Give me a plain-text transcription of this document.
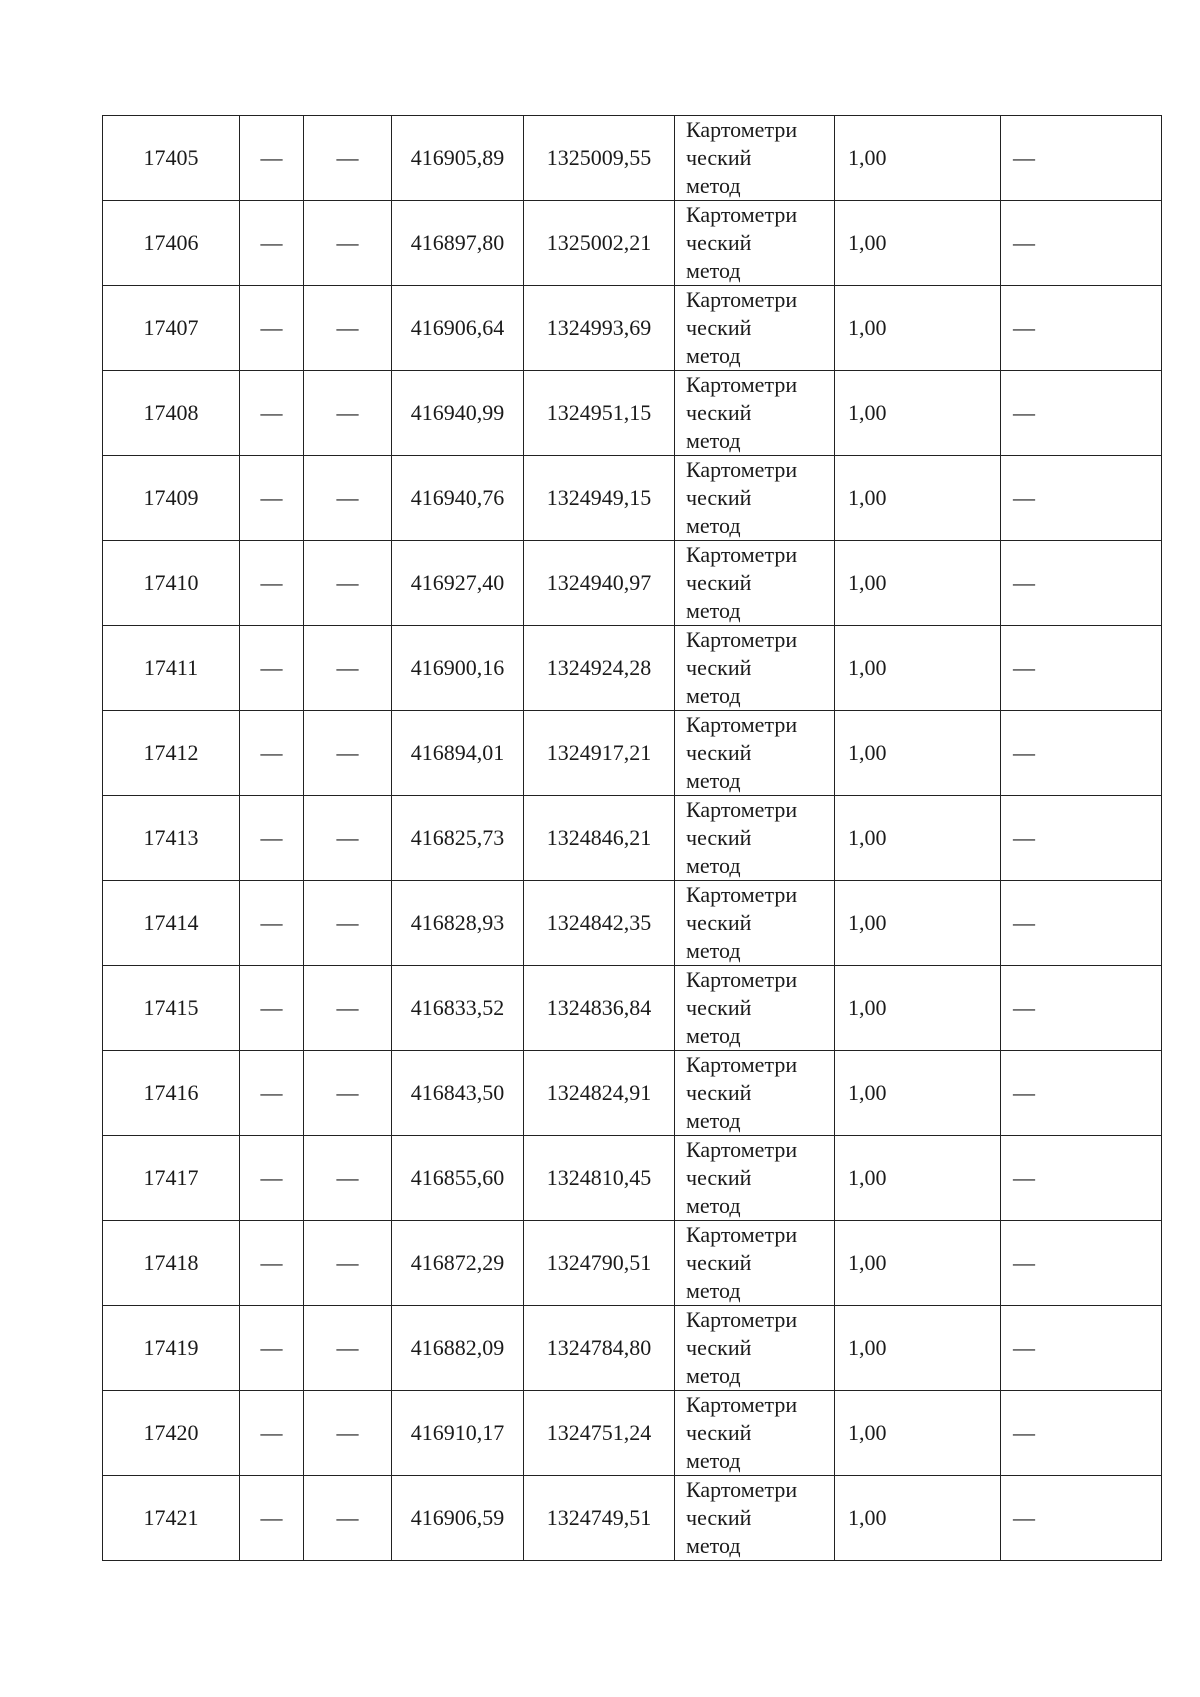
17405	—	—	416905,89	1325009,55	Картометри
ческий
метод	1,00	—
17406	—	—	416897,80	1325002,21	Картометри
ческий
метод	1,00	—
17407	—	—	416906,64	1324993,69	Картометри
ческий
метод	1,00	—
17408	—	—	416940,99	1324951,15	Картометри
ческий
метод	1,00	—
17409	—	—	416940,76	1324949,15	Картометри
ческий
метод	1,00	—
17410	—	—	416927,40	1324940,97	Картометри
ческий
метод	1,00	—
17411	—	—	416900,16	1324924,28	Картометри
ческий
метод	1,00	—
17412	—	—	416894,01	1324917,21	Картометри
ческий
метод	1,00	—
17413	—	—	416825,73	1324846,21	Картометри
ческий
метод	1,00	—
17414	—	—	416828,93	1324842,35	Картометри
ческий
метод	1,00	—
17415	—	—	416833,52	1324836,84	Картометри
ческий
метод	1,00	—
17416	—	—	416843,50	1324824,91	Картометри
ческий
метод	1,00	—
17417	—	—	416855,60	1324810,45	Картометри
ческий
метод	1,00	—
17418	—	—	416872,29	1324790,51	Картометри
ческий
метод	1,00	—
17419	—	—	416882,09	1324784,80	Картометри
ческий
метод	1,00	—
17420	—	—	416910,17	1324751,24	Картометри
ческий
метод	1,00	—
17421	—	—	416906,59	1324749,51	Картометри
ческий
метод	1,00	—
